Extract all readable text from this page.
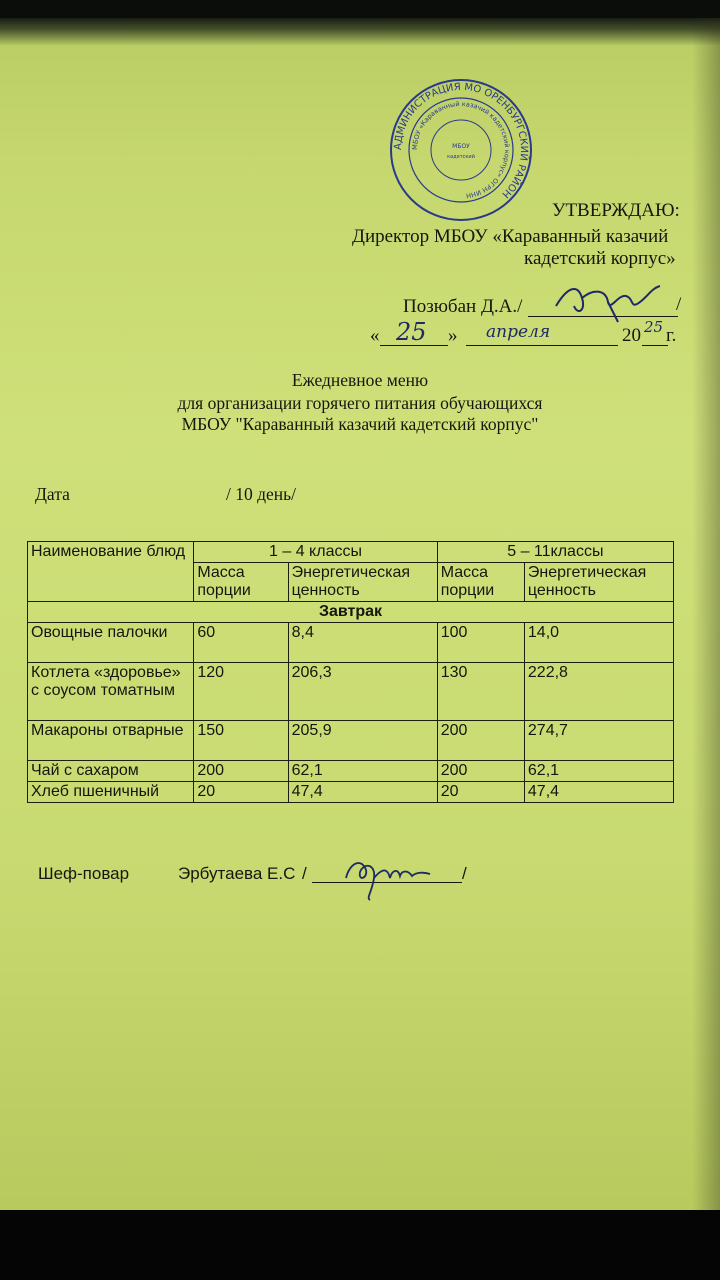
АДМИНИСТРАЦИЯ МО ОРЕНБУРГСКИЙ РАЙОН
МБОУ «Караванный казачий кадетский корпус» ОГРН ИНН
МБОУ
кадетский
УТВЕРЖДАЮ:
Директор МБОУ «Караванный казачий
кадетский корпус»
Позюбан Д.А./	/
« 25 » апреля	20 25 г.
Ежедневное меню
для организации горячего питания обучающихся
МБОУ "Караванный казачий кадетский корпус"
Дата	/ 10 день/
Наименование блюд	1 – 4 классы		5 – 11классы	
	Масса порции	Энергетическая ценность	Масса порции	Энергетическая ценность
Завтрак				
Овощные палочки	60	8,4	100	14,0
Котлета «здоровье» с соусом томатным	120	206,3	130	222,8
Макароны отварные	150	205,9	200	274,7
Чай с сахаром	200	62,1	200	62,1
Хлеб пшеничный	20	47,4	20	47,4
Шеф-повар	Эрбутаева Е.С /	/
